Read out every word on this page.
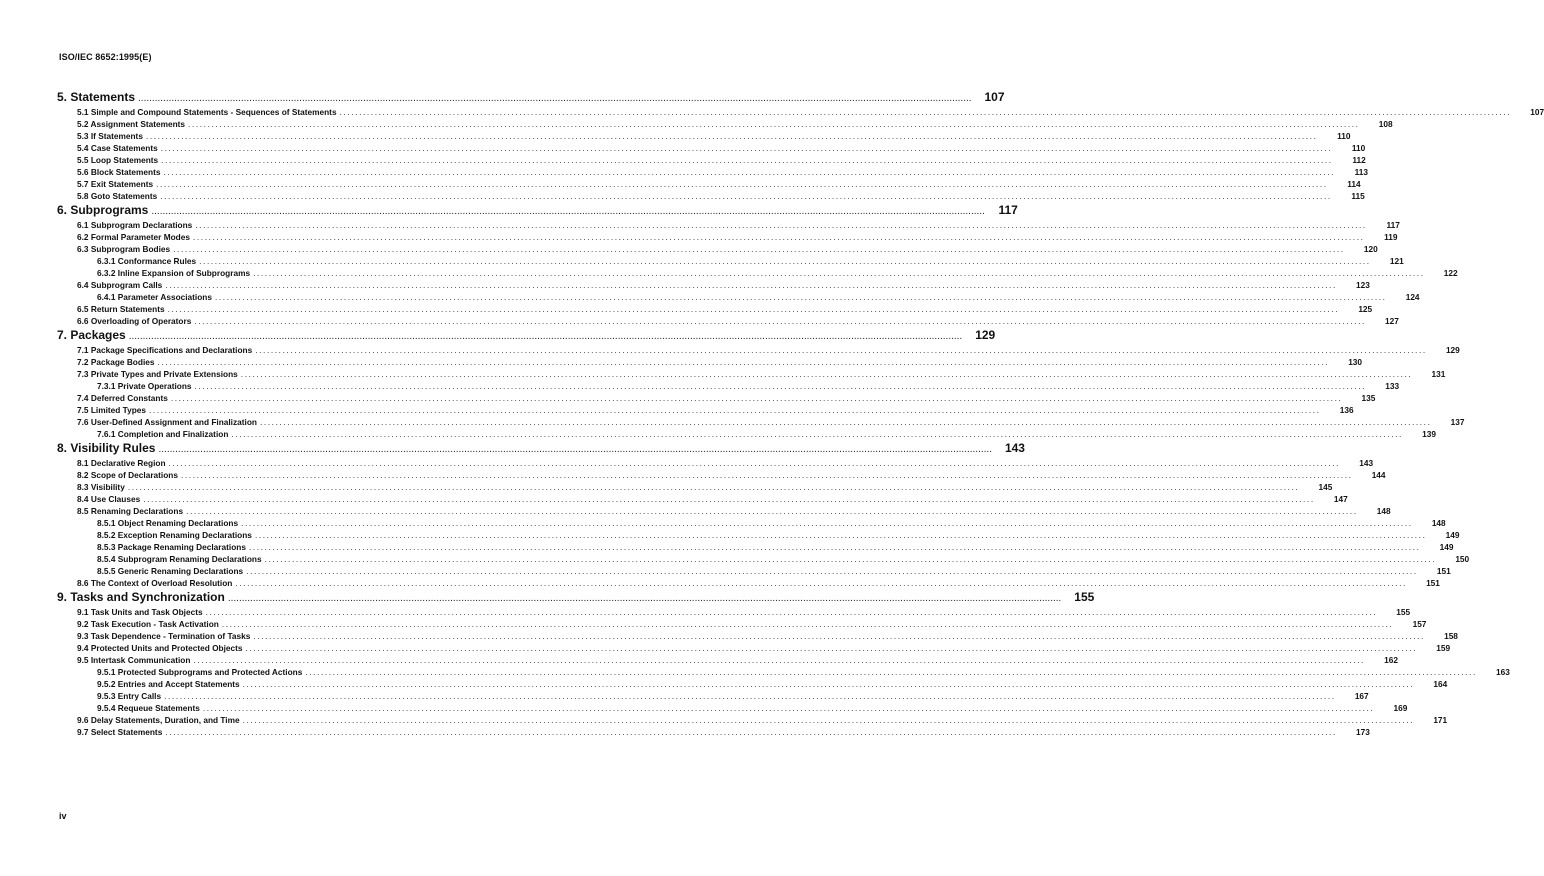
ISO/IEC 8652:1995(E)
5. Statements ............................................................................................................................................................................................................................................................................................................	107
5.1 Simple and Compound Statements - Sequences of Statements ............................................................................................................................................................................................................................................................................................................	107
5.2 Assignment Statements ............................................................................................................................................................................................................................................................................................................	108
5.3 If Statements ............................................................................................................................................................................................................................................................................................................	110
5.4 Case Statements ............................................................................................................................................................................................................................................................................................................	110
5.5 Loop Statements ............................................................................................................................................................................................................................................................................................................	112
5.6 Block Statements ............................................................................................................................................................................................................................................................................................................	113
5.7 Exit Statements ............................................................................................................................................................................................................................................................................................................	114
5.8 Goto Statements ............................................................................................................................................................................................................................................................................................................	115
6. Subprograms ............................................................................................................................................................................................................................................................................................................	117
6.1 Subprogram Declarations ............................................................................................................................................................................................................................................................................................................	117
6.2 Formal Parameter Modes ............................................................................................................................................................................................................................................................................................................	119
6.3 Subprogram Bodies ............................................................................................................................................................................................................................................................................................................	120
6.3.1 Conformance Rules ............................................................................................................................................................................................................................................................................................................	121
6.3.2 Inline Expansion of Subprograms ............................................................................................................................................................................................................................................................................................................	122
6.4 Subprogram Calls ............................................................................................................................................................................................................................................................................................................	123
6.4.1 Parameter Associations ............................................................................................................................................................................................................................................................................................................	124
6.5 Return Statements ............................................................................................................................................................................................................................................................................................................	125
6.6 Overloading of Operators ............................................................................................................................................................................................................................................................................................................	127
7. Packages ............................................................................................................................................................................................................................................................................................................	129
7.1 Package Specifications and Declarations ............................................................................................................................................................................................................................................................................................................	129
7.2 Package Bodies ............................................................................................................................................................................................................................................................................................................	130
7.3 Private Types and Private Extensions ............................................................................................................................................................................................................................................................................................................	131
7.3.1 Private Operations ............................................................................................................................................................................................................................................................................................................	133
7.4 Deferred Constants ............................................................................................................................................................................................................................................................................................................	135
7.5 Limited Types ............................................................................................................................................................................................................................................................................................................	136
7.6 User-Defined Assignment and Finalization ............................................................................................................................................................................................................................................................................................................	137
7.6.1 Completion and Finalization ............................................................................................................................................................................................................................................................................................................	139
8. Visibility Rules ............................................................................................................................................................................................................................................................................................................	143
8.1 Declarative Region ............................................................................................................................................................................................................................................................................................................	143
8.2 Scope of Declarations ............................................................................................................................................................................................................................................................................................................	144
8.3 Visibility ............................................................................................................................................................................................................................................................................................................	145
8.4 Use Clauses ............................................................................................................................................................................................................................................................................................................	147
8.5 Renaming Declarations ............................................................................................................................................................................................................................................................................................................	148
8.5.1 Object Renaming Declarations ............................................................................................................................................................................................................................................................................................................	148
8.5.2 Exception Renaming Declarations ............................................................................................................................................................................................................................................................................................................	149
8.5.3 Package Renaming Declarations ............................................................................................................................................................................................................................................................................................................	149
8.5.4 Subprogram Renaming Declarations ............................................................................................................................................................................................................................................................................................................	150
8.5.5 Generic Renaming Declarations ............................................................................................................................................................................................................................................................................................................	151
8.6 The Context of Overload Resolution ............................................................................................................................................................................................................................................................................................................	151
9. Tasks and Synchronization ............................................................................................................................................................................................................................................................................................................	155
9.1 Task Units and Task Objects ............................................................................................................................................................................................................................................................................................................	155
9.2 Task Execution - Task Activation ............................................................................................................................................................................................................................................................................................................	157
9.3 Task Dependence - Termination of Tasks ............................................................................................................................................................................................................................................................................................................	158
9.4 Protected Units and Protected Objects ............................................................................................................................................................................................................................................................................................................	159
9.5 Intertask Communication ............................................................................................................................................................................................................................................................................................................	162
9.5.1 Protected Subprograms and Protected Actions ............................................................................................................................................................................................................................................................................................................	163
9.5.2 Entries and Accept Statements ............................................................................................................................................................................................................................................................................................................	164
9.5.3 Entry Calls ............................................................................................................................................................................................................................................................................................................	167
9.5.4 Requeue Statements ............................................................................................................................................................................................................................................................................................................	169
9.6 Delay Statements, Duration, and Time ............................................................................................................................................................................................................................................................................................................	171
9.7 Select Statements ............................................................................................................................................................................................................................................................................................................	173
iv
